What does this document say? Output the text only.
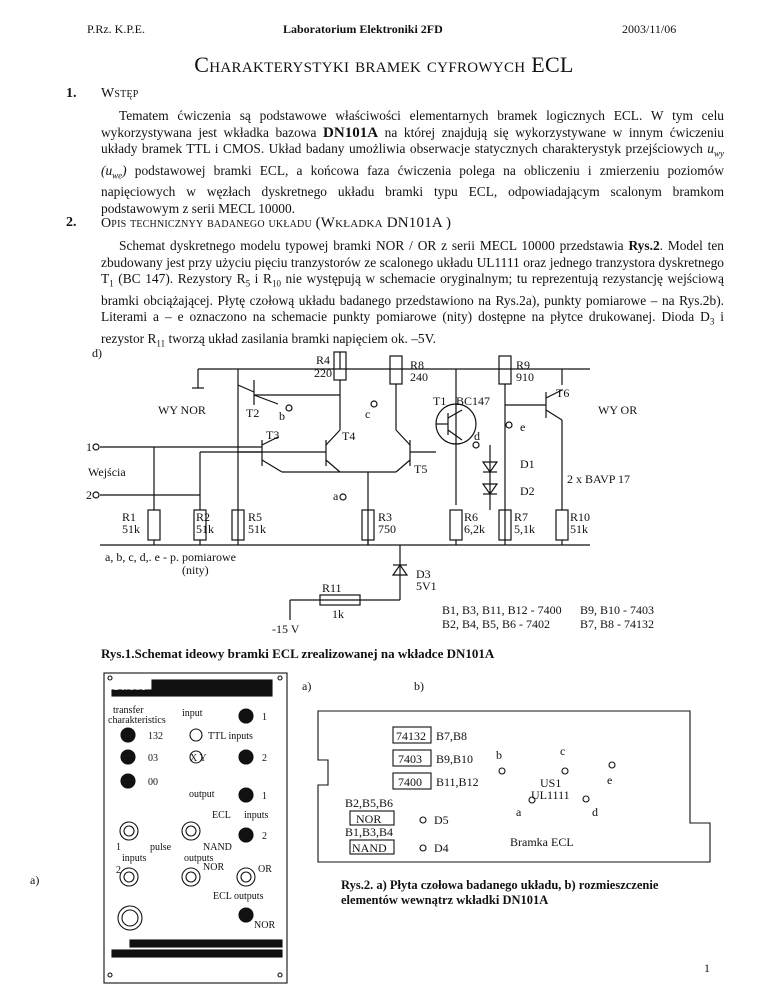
P.Rz. K.P.E.	Laboratorium Elektroniki 2FD	2003/11/06
Charakterystyki bramek cyfrowych ECL
1. Wstęp
Tematem ćwiczenia są podstawowe właściwości elementarnych bramek logicznych ECL. W tym celu wykorzystywana jest wkładka bazowa DN101A na której znajdują się wykorzystywane w innym ćwiczeniu układy bramek TTL i CMOS. Układ badany umożliwia obserwacje statycznych charakterystyk przejściowych $u_{wy}$ $(u_{we})$ podstawowej bramki ECL, a końcowa faza ćwiczenia polega na obliczeniu i zmierzeniu poziomów napięciowych w węzłach dyskretnego układu bramki typu ECL, odpowiadającym scalonym bramkom podstawowym z serii MECL 10000.
2. Opis technicznyy badanego układu (Wkładka DN101A )
Schemat dyskretnego modelu typowej bramki NOR / OR z serii MECL 10000 przedstawia Rys.2. Model ten zbudowany jest przy użyciu pięciu tranzystorów ze scalonego układu UL1111 oraz jednego tranzystora dyskretnego $T_1$ (BC 147). Rezystory $R_5$ i $R_{10}$ nie występują w schemacie oryginalnym; tu reprezentują rezystancję wejściową bramki obciążającej. Płytę czołową układu badanego przedstawiono na Rys.2a), punkty pomiarowe – na Rys.2b). Literami a – e oznaczono na schemacie punkty pomiarowe (nity) dostępne na płytce drukowanej. Dioda $D_3$ i rezystor $R_{11}$ tworzą układ zasilania bramki napięciem ok. –5V.
d)	R4
220
R8
240
R9
910
T3	T4
T5
T2
T1 BC147
T6
WY NOR	WY OR
b	c
e
d
a
1
2
Wejścia
D1
D2
2 x BAVP 17
R1
51k
R2
51k
R5
51k
R3
750
R6
6,2k
R7
5,1k
R10
51k
a, b, c, d,. e - p. pomiarowe
(nity)
R11
1k
D3
5V1
-15 V
B1, B3, B11, B12 - 7400
B2, B4, B5, B6 - 7402
B9, B10 - 7403
B7, B8 - 74132
Rys.1.Schemat ideowy bramki ECL zrealizowanej na wkładce DN101A
D N 1 0 1
transfer
charakteristics
input	1
132
03
00
X Y
TTL inputs
2
output	1
ECL inputs
2
1	pulse	NAND
inputs	outputs
2	NOR	OR
ECL outputs
NOR
a)	b)
a)
74132 B7,B8
7403 B9,B10
7400 B11,B12
b	c
e
US1
UL1111
a	d
B2,B5,B6
NOR
B1,B3,B4
NAND
D5
D4	Bramka ECL
Rys.2. a) Płyta czołowa badanego układu, b) rozmieszczenie
elementów wewnątrz wkładki DN101A
1
